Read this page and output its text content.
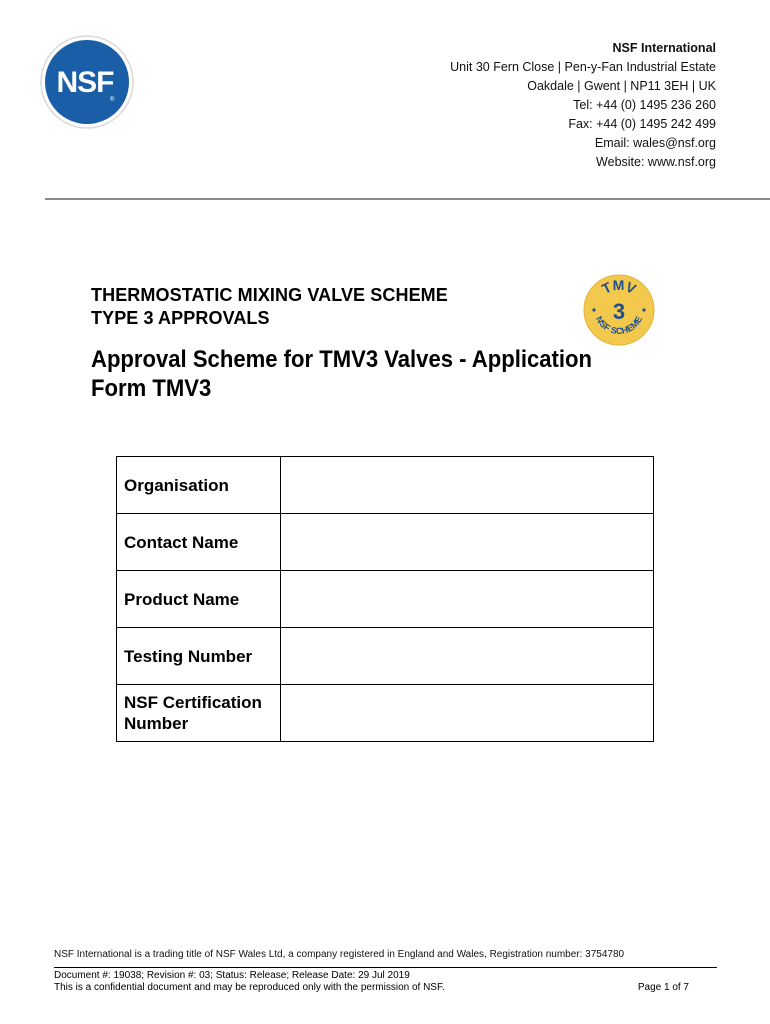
NSF
®
NSF International
Unit 30 Fern Close | Pen-y-Fan Industrial Estate
Oakdale | Gwent | NP11 3EH | UK
Tel: +44 (0) 1495 236 260
Fax: +44 (0) 1495 242 499
Email: wales@nsf.org
Website: www.nsf.org
THERMOSTATIC MIXING VALVE SCHEME
TYPE 3 APPROVALS
TMV
3
NSF SCHEME
Approval Scheme for TMV3 Valves - Application Form TMV3
Organisation	
Contact Name	
Product Name	
Testing Number	
NSF Certification Number	
NSF International is a trading title of NSF Wales Ltd, a company registered in England and Wales, Registration number: 3754780
Document #: 19038; Revision #: 03; Status: Release; Release Date: 29 Jul 2019
This is a confidential document and may be reproduced only with the permission of NSF.	Page 1 of 7
